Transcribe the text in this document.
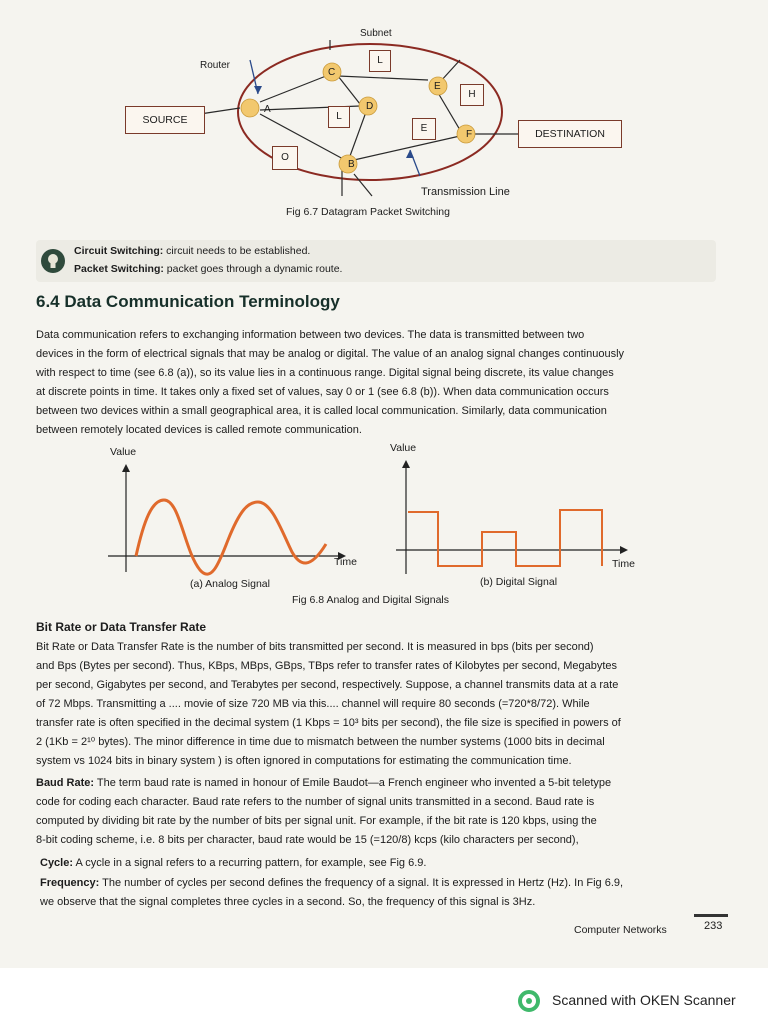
A
B
C
D
E
F
Subnet
Router
SOURCE
DESTINATION
L
L
H
E
O
Transmission Line
Fig 6.7 Datagram Packet Switching
Circuit Switching: circuit needs to be established.
Packet Switching: packet goes through a dynamic route.
6.4 Data Communication Terminology

Data communication refers to exchanging information between two devices. The data is transmitted between two

devices in the form of electrical signals that may be analog or digital. The value of an analog signal changes continuously

with respect to time (see 6.8 (a)), so its value lies in a continuous range. Digital signal being discrete, its value changes

at discrete points in time. It takes only a fixed set of values, say 0 or 1 (see 6.8 (b)). When data communication occurs

between two devices within a small geographical area, it is called local communication. Similarly, data communication

between remotely located devices is called remote communication.

Value
Time
(a) Analog Signal
Value
Time
(b) Digital Signal
Fig 6.8 Analog and Digital Signals
Bit Rate or Data Transfer Rate

Bit Rate or Data Transfer Rate is the number of bits transmitted per second. It is measured in bps (bits per second)

and Bps (Bytes per second). Thus, KBps, MBps, GBps, TBps refer to transfer rates of Kilobytes per second, Megabytes

per second, Gigabytes per second, and Terabytes per second, respectively. Suppose, a channel transmits data at a rate

of 72 Mbps. Transmitting a .... movie of size 720 MB via this.... channel will require 80 seconds (=720*8/72). While

transfer rate is often specified in the decimal system (1 Kbps = 10³ bits per second), the file size is specified in powers of

2 (1Kb = 2¹⁰ bytes). The minor difference in time due to mismatch between the number systems (1000 bits in decimal

system vs 1024 bits in binary system ) is often ignored in computations for estimating the communication time.

Baud Rate: The term baud rate is named in honour of Emile Baudot—a French engineer who invented a 5-bit teletype

code for coding each character. Baud rate refers to the number of signal units transmitted in a second. Baud rate is

computed by dividing bit rate by the number of bits per signal unit. For example, if the bit rate is 120 kbps, using the

8-bit coding scheme, i.e. 8 bits per character, baud rate would be 15 (=120/8) kcps (kilo characters per second),

Cycle: A cycle in a signal refers to a recurring pattern, for example, see Fig 6.9.

Frequency: The number of cycles per second defines the frequency of a signal. It is expressed in Hertz (Hz). In Fig 6.9,

we observe that the signal completes three cycles in a second. So, the frequency of this signal is 3Hz.

Computer Networks	233
Scanned with OKEN Scanner
